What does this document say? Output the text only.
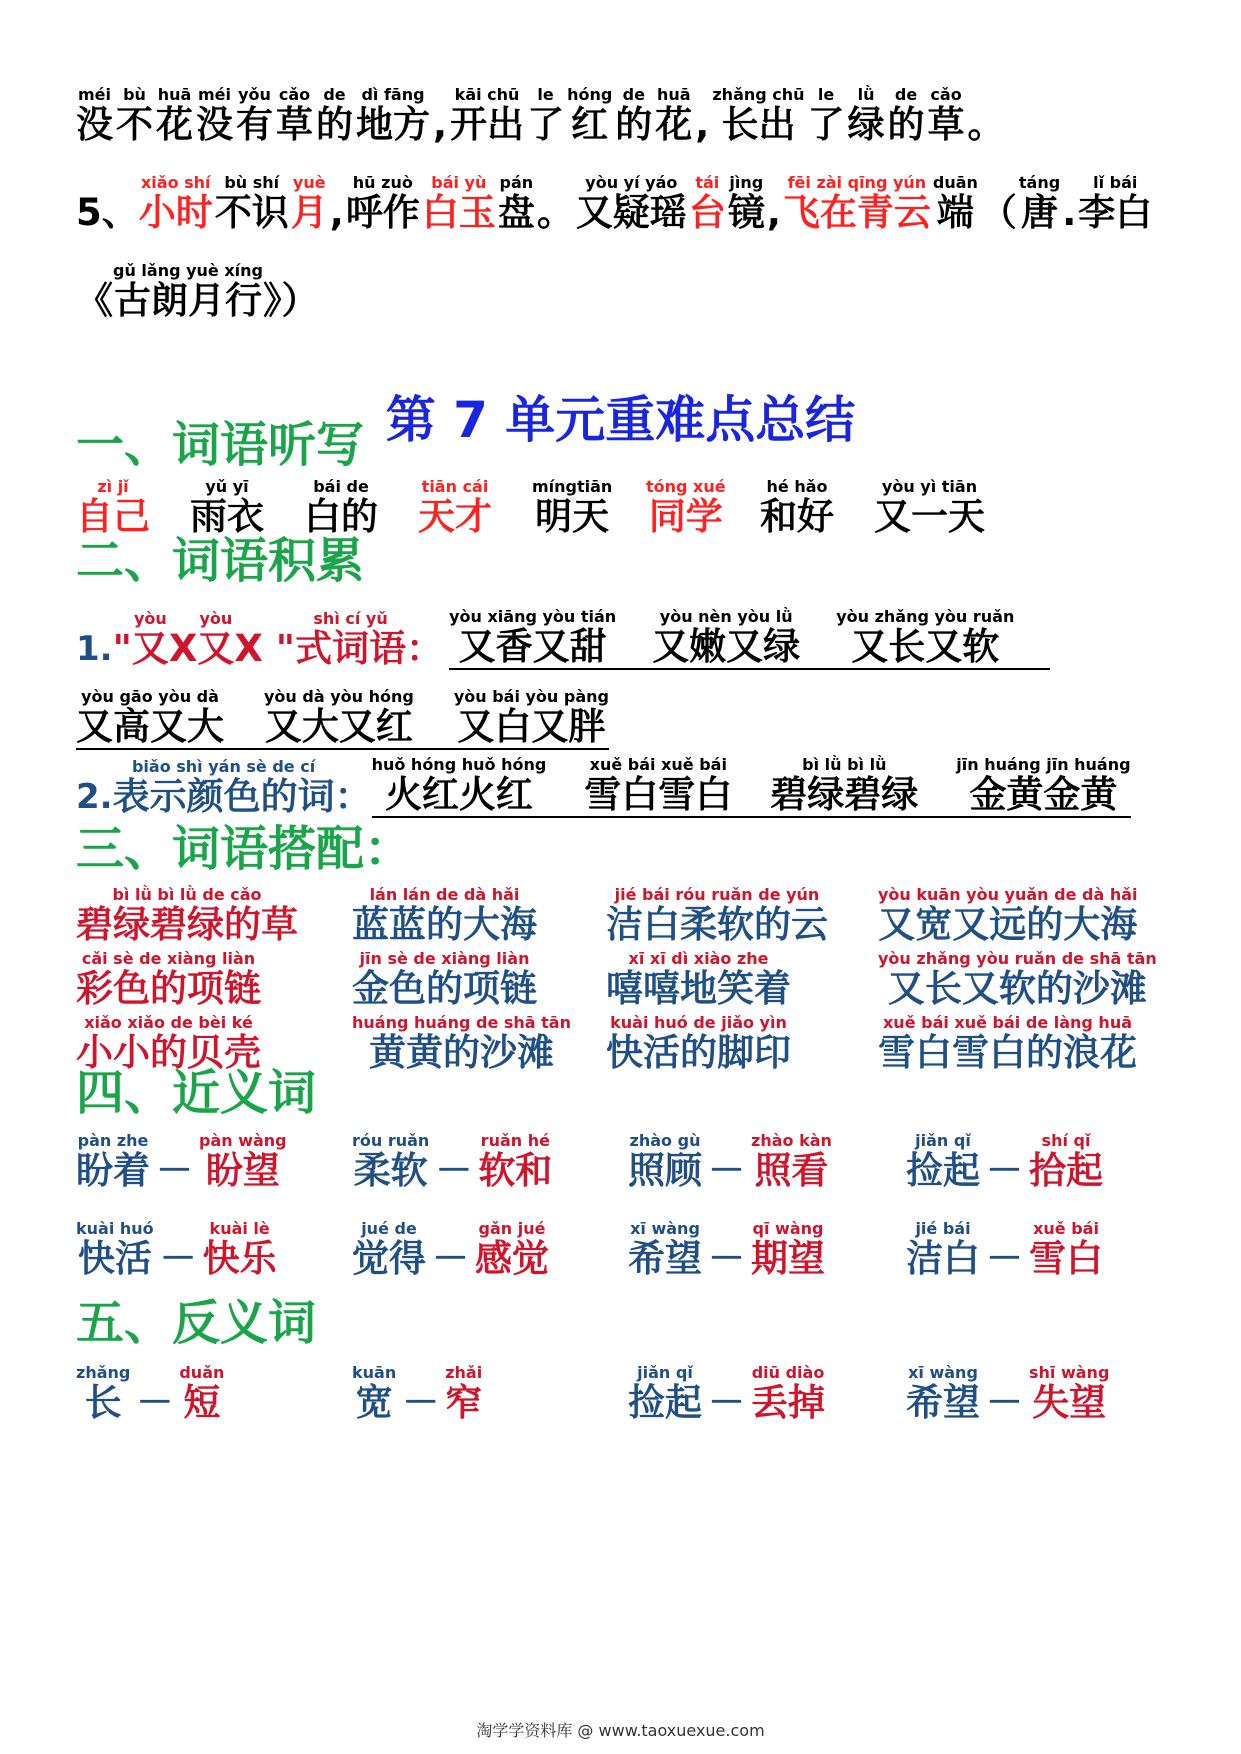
méi
没
bù
不
huā
花
méi
没
yǒu
有
cǎo
草
de
的
dì fāng
地方 ,
kāi chū
开出
le
了
hóng
红
de
的
huā
花 ,
zhǎng chū
长出
le
了
lǜ
绿
de
的
cǎo
草 。
5、
xiǎo shí
小时
bù shí
不识
yuè
月 ,
hū zuò
呼作
bái yù
白玉
pán
盘 。
yòu yí yáo
又疑瑶
tái
台
jìng
镜 ,
fēi zài qīng yún
飞在青云
duān
端 （
táng
唐 .
lǐ bái
李白
《
gǔ lǎng yuè xíng
古朗月行 》）
第 7 单元重难点总结
一、词语听写
zì jǐ
自己
yǔ yī
雨衣
bái de
白的
tiān cái
天才
míngtiān
明天
tóng xué
同学
hé hǎo
和好
yòu yì tiān
又一天
二、词语积累
1. "
yòu
又 X
yòu
又 X "
shì cí yǔ
式词语 ：
yòu xiāng yòu tián
又香又甜
yòu nèn yòu lǜ
又嫩又绿
yòu zhǎng yòu ruǎn
又长又软
yòu gāo yòu dà
又高又大
yòu dà yòu hóng
又大又红
yòu bái yòu pàng
又白又胖
2.
biǎo shì yán sè de cí
表示颜色的词 ：
huǒ hóng huǒ hóng
火红火红
xuě bái xuě bái
雪白雪白
bì lǜ bì lǜ
碧绿碧绿
jīn huáng jīn huáng
金黄金黄
三、词语搭配：
bì lǜ bì lǜ de cǎo
碧绿碧绿的草
lán lán de dà hǎi
蓝蓝的大海
jié bái róu ruǎn de yún
洁白柔软的云
yòu kuān yòu yuǎn de dà hǎi
又宽又远的大海
cǎi sè de xiàng liàn
彩色的项链
jīn sè de xiàng liàn
金色的项链
xī xī dì xiào zhe
嘻嘻地笑着
yòu zhǎng yòu ruǎn de shā tān
又长又软的沙滩
xiǎo xiǎo de bèi ké
小小的贝壳
huáng huáng de shā tān
黄黄的沙滩
kuài huó de jiǎo yìn
快活的脚印
xuě bái xuě bái de làng huā
雪白雪白的浪花
四、近义词
pàn zhe
盼着 －
pàn wàng
盼望
róu ruǎn
柔软 －
ruǎn hé
软和
zhào gù
照顾 －
zhào kàn
照看
jiǎn qǐ
捡起 －
shí qǐ
拾起
kuài huó
快活 －
kuài lè
快乐
jué de
觉得 －
gǎn jué
感觉
xī wàng
希望 －
qī wàng
期望
jié bái
洁白 －
xuě bái
雪白
五、反义词
zhǎng
长 －
duǎn
短
kuān
宽 －
zhǎi
窄
jiǎn qǐ
捡起 －
diū diào
丢掉
xī wàng
希望 －
shī wàng
失望
淘学学资料库 @ www.taoxuexue.com
